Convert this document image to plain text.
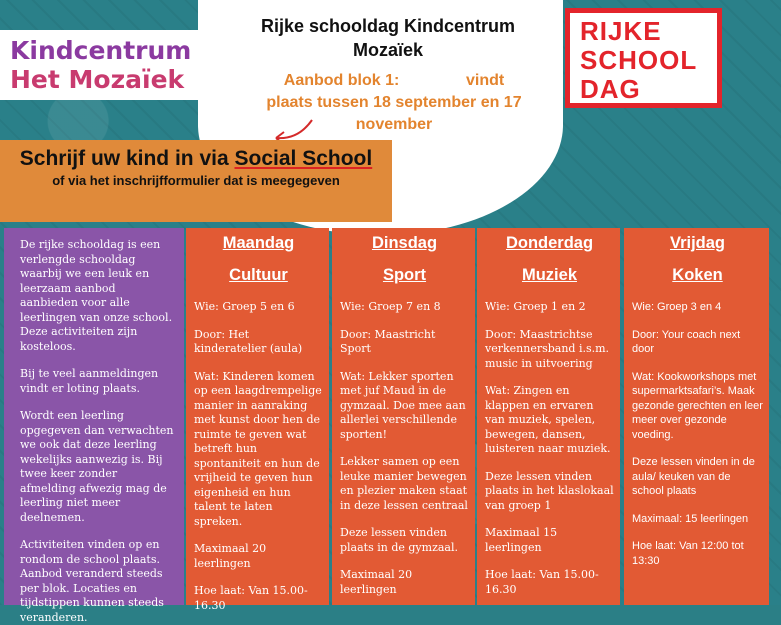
Kindcentrum
Het Mozaïek
Rijke schooldag Kindcentrum
Mozaïek
Aanbod blok 1:               vindt
plaats tussen 18 september en 17
november
RIJKE
SCHOOL
DAG
Schrijf uw kind in via Social School
of via het inschrijfformulier dat is meegegeven

De rijke schooldag is een verlengde schooldag waarbij we een leuk en leerzaam aanbod aanbieden voor alle leerlingen van onze school. Deze activiteiten zijn kosteloos.

Bij te veel aanmeldingen vindt er loting plaats.

Wordt een leerling opgegeven dan verwachten we ook dat deze leerling wekelijks aanwezig is. Bij twee keer zonder afmelding afwezig mag de leerling niet meer deelnemen.

Activiteiten vinden op en rondom de school plaats. Aanbod veranderd steeds per blok. Locaties en tijdstippen kunnen steeds veranderen.

Maandag
Cultuur

Wie: Groep 5 en 6

Door: Het kinderatelier (aula)

Wat: Kinderen komen op een laagdrempelige manier in aanraking met kunst door hen de ruimte te geven wat betreft hun spontaniteit en hun de vrijheid te geven hun eigenheid en hun talent te laten spreken.

Maximaal 20 leerlingen

Hoe laat: Van 15.00-16.30

Dinsdag
Sport

Wie: Groep 7 en 8

Door: Maastricht Sport

Wat: Lekker sporten met juf Maud in de gymzaal. Doe mee aan allerlei verschillende sporten!

Lekker samen op een leuke manier bewegen en plezier maken staat in deze lessen centraal

Deze lessen vinden plaats in de gymzaal.

Maximaal 20 leerlingen

Donderdag
Muziek

Wie: Groep 1 en 2

Door: Maastrichtse verkennersband i.s.m. music in uitvoering

Wat: Zingen en klappen en ervaren van muziek, spelen, bewegen, dansen, luisteren naar muziek.

Deze lessen vinden plaats in het klaslokaal van groep 1

Maximaal 15 leerlingen

Hoe laat: Van 15.00-16.30

Vrijdag
Koken

Wie: Groep 3 en 4

Door: Your coach next door

Wat: Kookworkshops met supermarktsafari’s. Maak gezonde gerechten en leer meer over gezonde voeding.

Deze lessen vinden in de aula/ keuken van de school plaats

Maximaal: 15 leerlingen

Hoe laat: Van 12:00 tot 13:30
